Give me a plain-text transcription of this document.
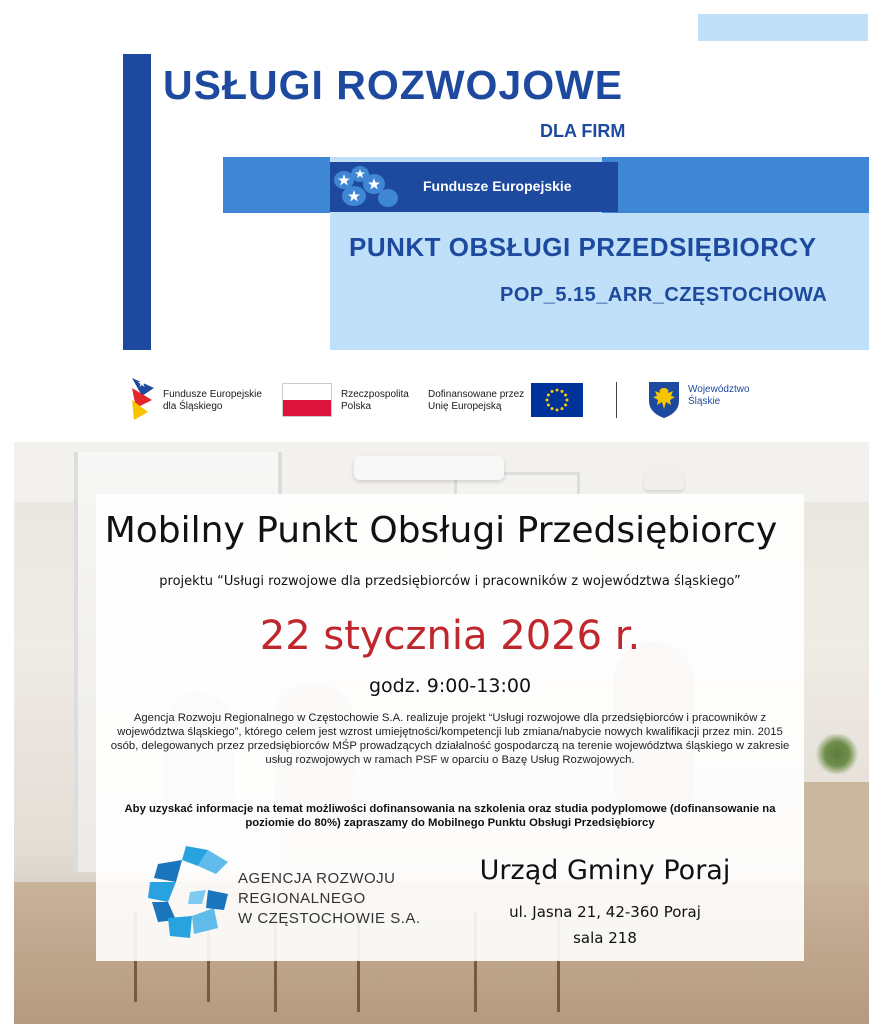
USŁUGI ROZWOJOWE
DLA FIRM
Fundusze Europejskie
PUNKT OBSŁUGI PRZEDSIĘBIORCY
POP_5.15_ARR_CZĘSTOCHOWA
Fundusze Europejskie
dla Śląskiego
Rzeczpospolita
Polska
Dofinansowane przez
Unię Europejską
Województwo
Śląskie
Mobilny Punkt Obsługi Przedsiębiorcy
projektu “Usługi rozwojowe dla przedsiębiorców i pracowników z województwa śląskiego”
22 stycznia 2026 r.
godz. 9:00-13:00
Agencja Rozwoju Regionalnego w Częstochowie S.A. realizuje projekt “Usługi rozwojowe dla przedsiębiorców i pracowników z województwa śląskiego”, którego celem jest wzrost umiejętności/kompetencji lub zmiana/nabycie nowych kwalifikacji przez min. 2015 osób, delegowanych przez przedsiębiorców MŚP prowadzących działalność gospodarczą na terenie województwa śląskiego w zakresie usług rozwojowych w ramach PSF w oparciu o Bazę Usług Rozwojowych.
Aby uzyskać informacje na temat możliwości dofinansowania na szkolenia oraz studia podyplomowe (dofinansowanie na poziomie do 80%) zapraszamy do Mobilnego Punktu Obsługi Przedsiębiorcy
AGENCJA ROZWOJU
REGIONALNEGO
W CZĘSTOCHOWIE S.A.
Urząd Gminy Poraj
ul. Jasna 21, 42-360 Poraj
sala 218
